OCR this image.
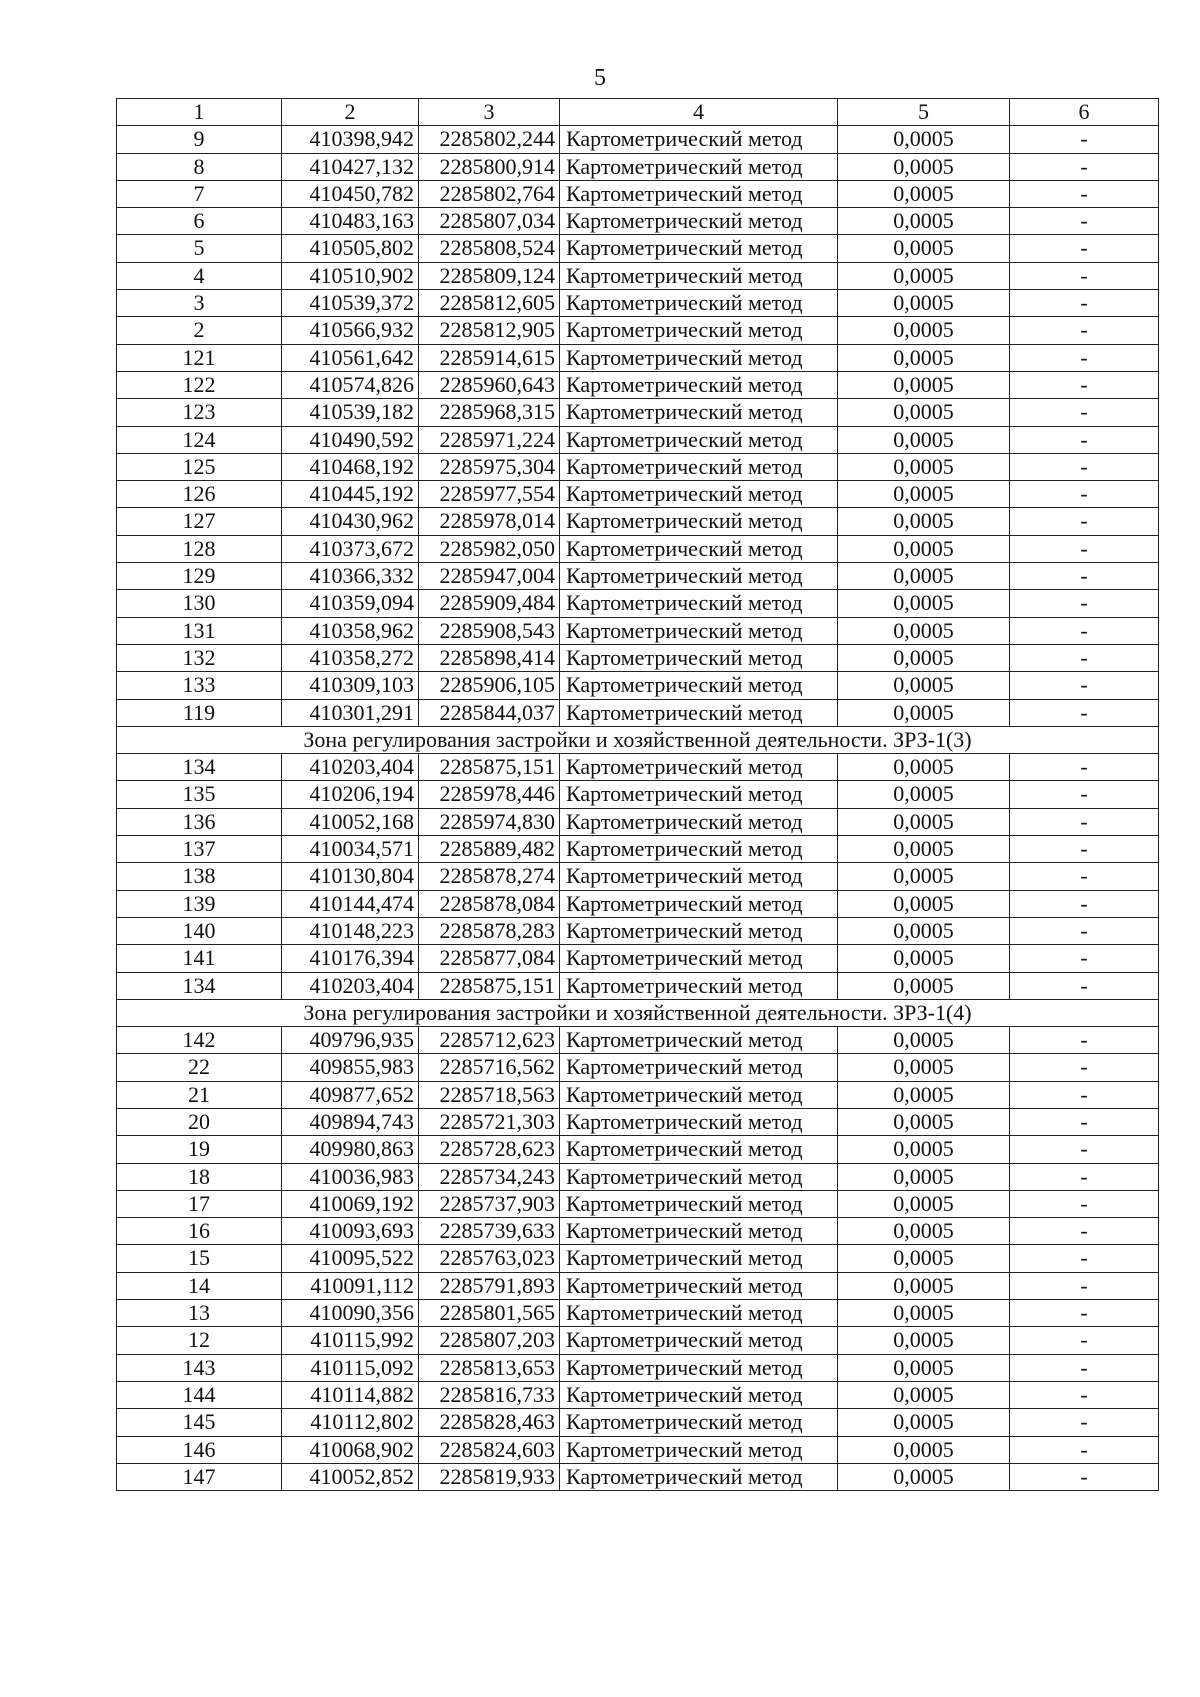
5
1	2	3	4	5	6
9	410398,942	2285802,244	Картометрический метод	0,0005	-
8	410427,132	2285800,914	Картометрический метод	0,0005	-
7	410450,782	2285802,764	Картометрический метод	0,0005	-
6	410483,163	2285807,034	Картометрический метод	0,0005	-
5	410505,802	2285808,524	Картометрический метод	0,0005	-
4	410510,902	2285809,124	Картометрический метод	0,0005	-
3	410539,372	2285812,605	Картометрический метод	0,0005	-
2	410566,932	2285812,905	Картометрический метод	0,0005	-
121	410561,642	2285914,615	Картометрический метод	0,0005	-
122	410574,826	2285960,643	Картометрический метод	0,0005	-
123	410539,182	2285968,315	Картометрический метод	0,0005	-
124	410490,592	2285971,224	Картометрический метод	0,0005	-
125	410468,192	2285975,304	Картометрический метод	0,0005	-
126	410445,192	2285977,554	Картометрический метод	0,0005	-
127	410430,962	2285978,014	Картометрический метод	0,0005	-
128	410373,672	2285982,050	Картометрический метод	0,0005	-
129	410366,332	2285947,004	Картометрический метод	0,0005	-
130	410359,094	2285909,484	Картометрический метод	0,0005	-
131	410358,962	2285908,543	Картометрический метод	0,0005	-
132	410358,272	2285898,414	Картометрический метод	0,0005	-
133	410309,103	2285906,105	Картометрический метод	0,0005	-
119	410301,291	2285844,037	Картометрический метод	0,0005	-
Зона регулирования застройки и хозяйственной деятельности. ЗРЗ-1(3)					
134	410203,404	2285875,151	Картометрический метод	0,0005	-
135	410206,194	2285978,446	Картометрический метод	0,0005	-
136	410052,168	2285974,830	Картометрический метод	0,0005	-
137	410034,571	2285889,482	Картометрический метод	0,0005	-
138	410130,804	2285878,274	Картометрический метод	0,0005	-
139	410144,474	2285878,084	Картометрический метод	0,0005	-
140	410148,223	2285878,283	Картометрический метод	0,0005	-
141	410176,394	2285877,084	Картометрический метод	0,0005	-
134	410203,404	2285875,151	Картометрический метод	0,0005	-
Зона регулирования застройки и хозяйственной деятельности. ЗРЗ-1(4)					
142	409796,935	2285712,623	Картометрический метод	0,0005	-
22	409855,983	2285716,562	Картометрический метод	0,0005	-
21	409877,652	2285718,563	Картометрический метод	0,0005	-
20	409894,743	2285721,303	Картометрический метод	0,0005	-
19	409980,863	2285728,623	Картометрический метод	0,0005	-
18	410036,983	2285734,243	Картометрический метод	0,0005	-
17	410069,192	2285737,903	Картометрический метод	0,0005	-
16	410093,693	2285739,633	Картометрический метод	0,0005	-
15	410095,522	2285763,023	Картометрический метод	0,0005	-
14	410091,112	2285791,893	Картометрический метод	0,0005	-
13	410090,356	2285801,565	Картометрический метод	0,0005	-
12	410115,992	2285807,203	Картометрический метод	0,0005	-
143	410115,092	2285813,653	Картометрический метод	0,0005	-
144	410114,882	2285816,733	Картометрический метод	0,0005	-
145	410112,802	2285828,463	Картометрический метод	0,0005	-
146	410068,902	2285824,603	Картометрический метод	0,0005	-
147	410052,852	2285819,933	Картометрический метод	0,0005	-
